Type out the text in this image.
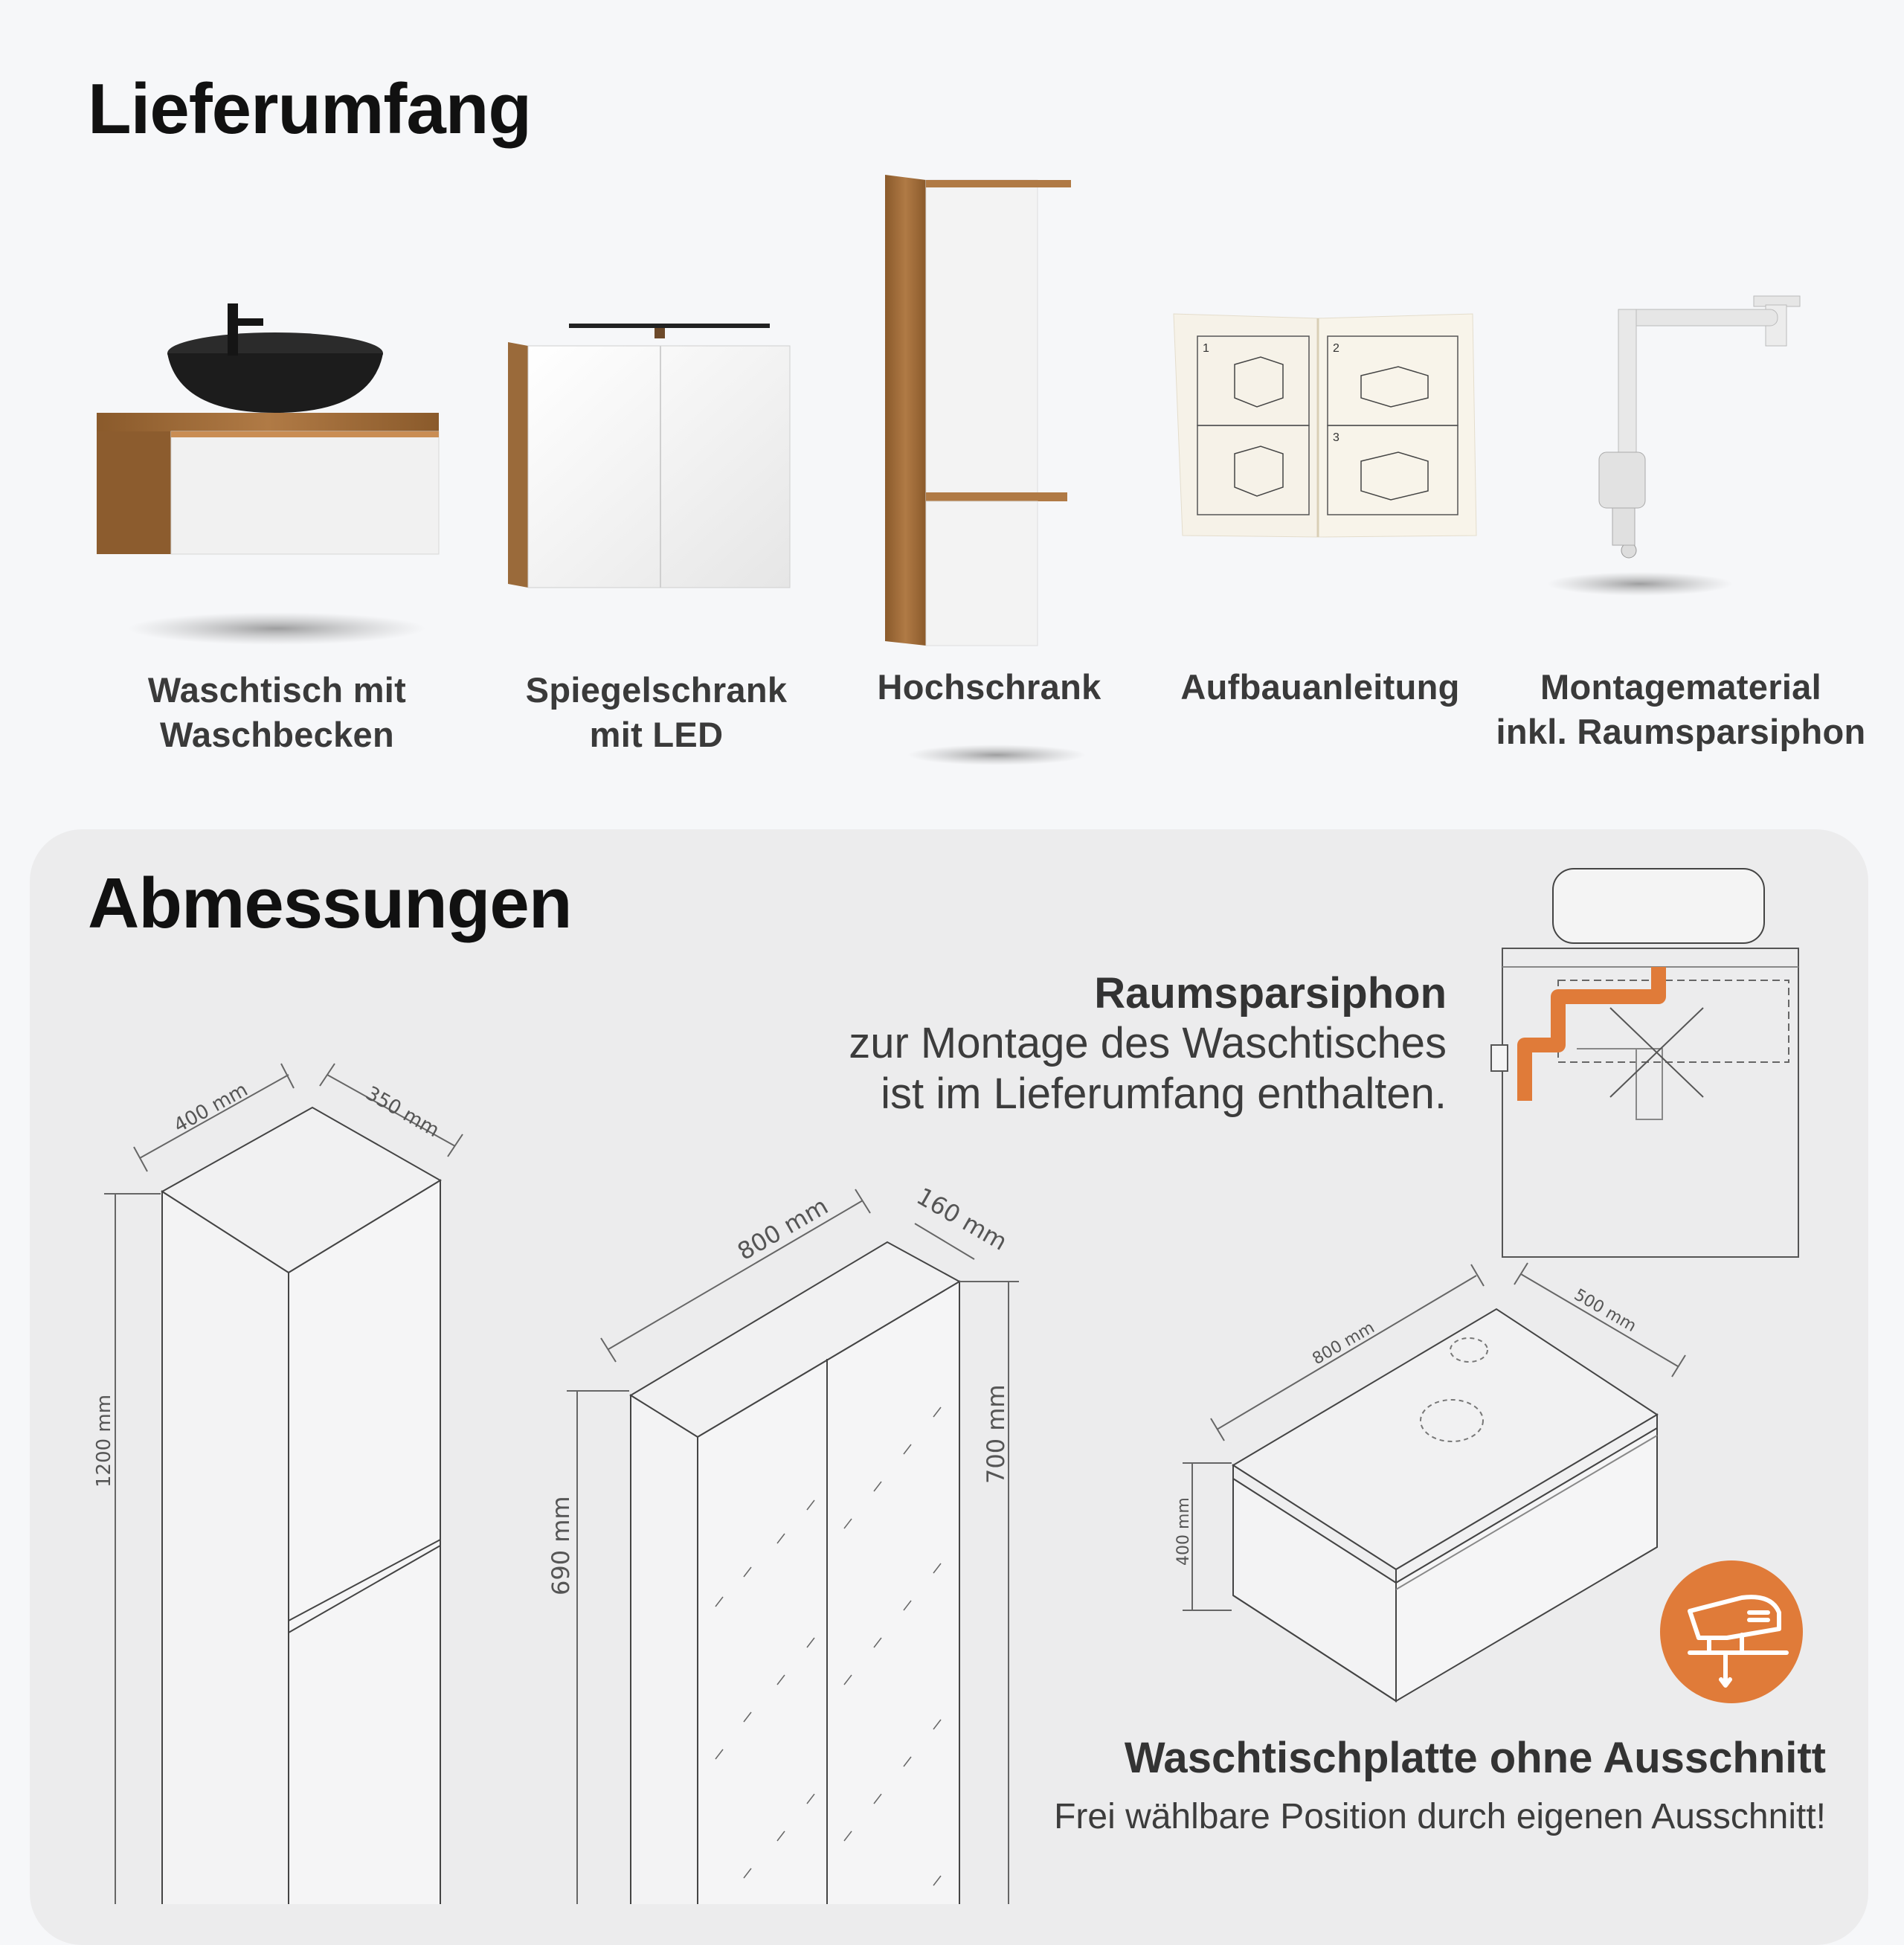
Lieferumfang
1	2
3
Waschtisch mit
Waschbecken
Spiegelschrank
mit LED
Hochschrank	Aufbauanleitung	Montagematerial
inkl. Raumsparsiphon
Abmessungen
Raumsparsiphon
zur Montage des Waschtisches
ist im Lieferumfang enthalten.
400 mm	350 mm
1200 mm
800 mm	160 mm
700 mm
690 mm
800 mm
500 mm
400 mm
Waschtischplatte ohne Ausschnitt
Frei wählbare Position durch eigenen Ausschnitt!
